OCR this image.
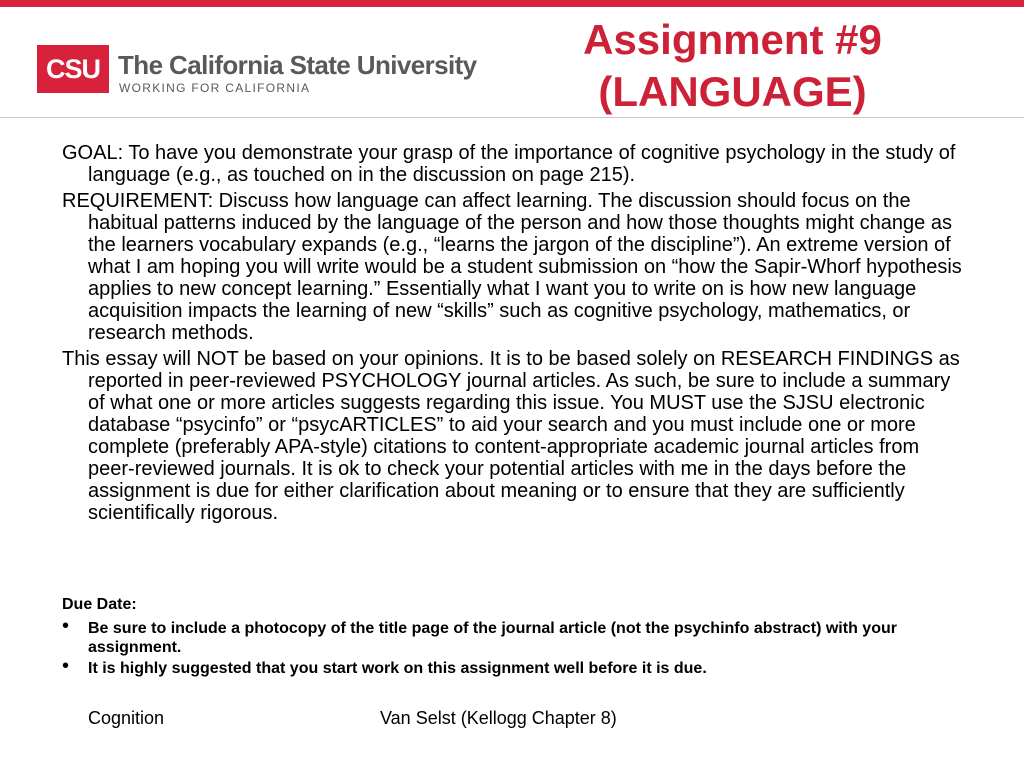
CSU The California State University
WORKING FOR CALIFORNIA
Assignment #9
(LANGUAGE)

GOAL: To have you demonstrate your grasp of the importance of cognitive psychology in the study of language (e.g., as touched on in the discussion on page 215).

REQUIREMENT: Discuss how language can affect learning. The discussion should focus on the habitual patterns induced by the language of the person and how those thoughts might change as the learners vocabulary expands (e.g., “learns the jargon of the discipline”). An extreme version of what I am hoping you will write would be a student submission on “how the Sapir-Whorf hypothesis applies to new concept learning.” Essentially what I want you to write on is how new language acquisition impacts the learning of new “skills” such as cognitive psychology, mathematics, or research methods.

This essay will NOT be based on your opinions. It is to be based solely on RESEARCH FINDINGS as reported in peer-reviewed PSYCHOLOGY journal articles. As such, be sure to include a summary of what one or more articles suggests regarding this issue. You MUST use the SJSU electronic database “psycinfo” or “psycARTICLES” to aid your search and you must include one or more complete (preferably APA-style) citations to content-appropriate academic journal articles from peer-reviewed journals. It is ok to check your potential articles with me in the days before the assignment is due for either clarification about meaning or to ensure that they are sufficiently scientifically rigorous.

Due Date:

• Be sure to include a photocopy of the title page of the journal article (not the psychinfo abstract) with your assignment.
• It is highly suggested that you start work on this assignment well before it is due.
Cognition	Van Selst (Kellogg Chapter 8)
